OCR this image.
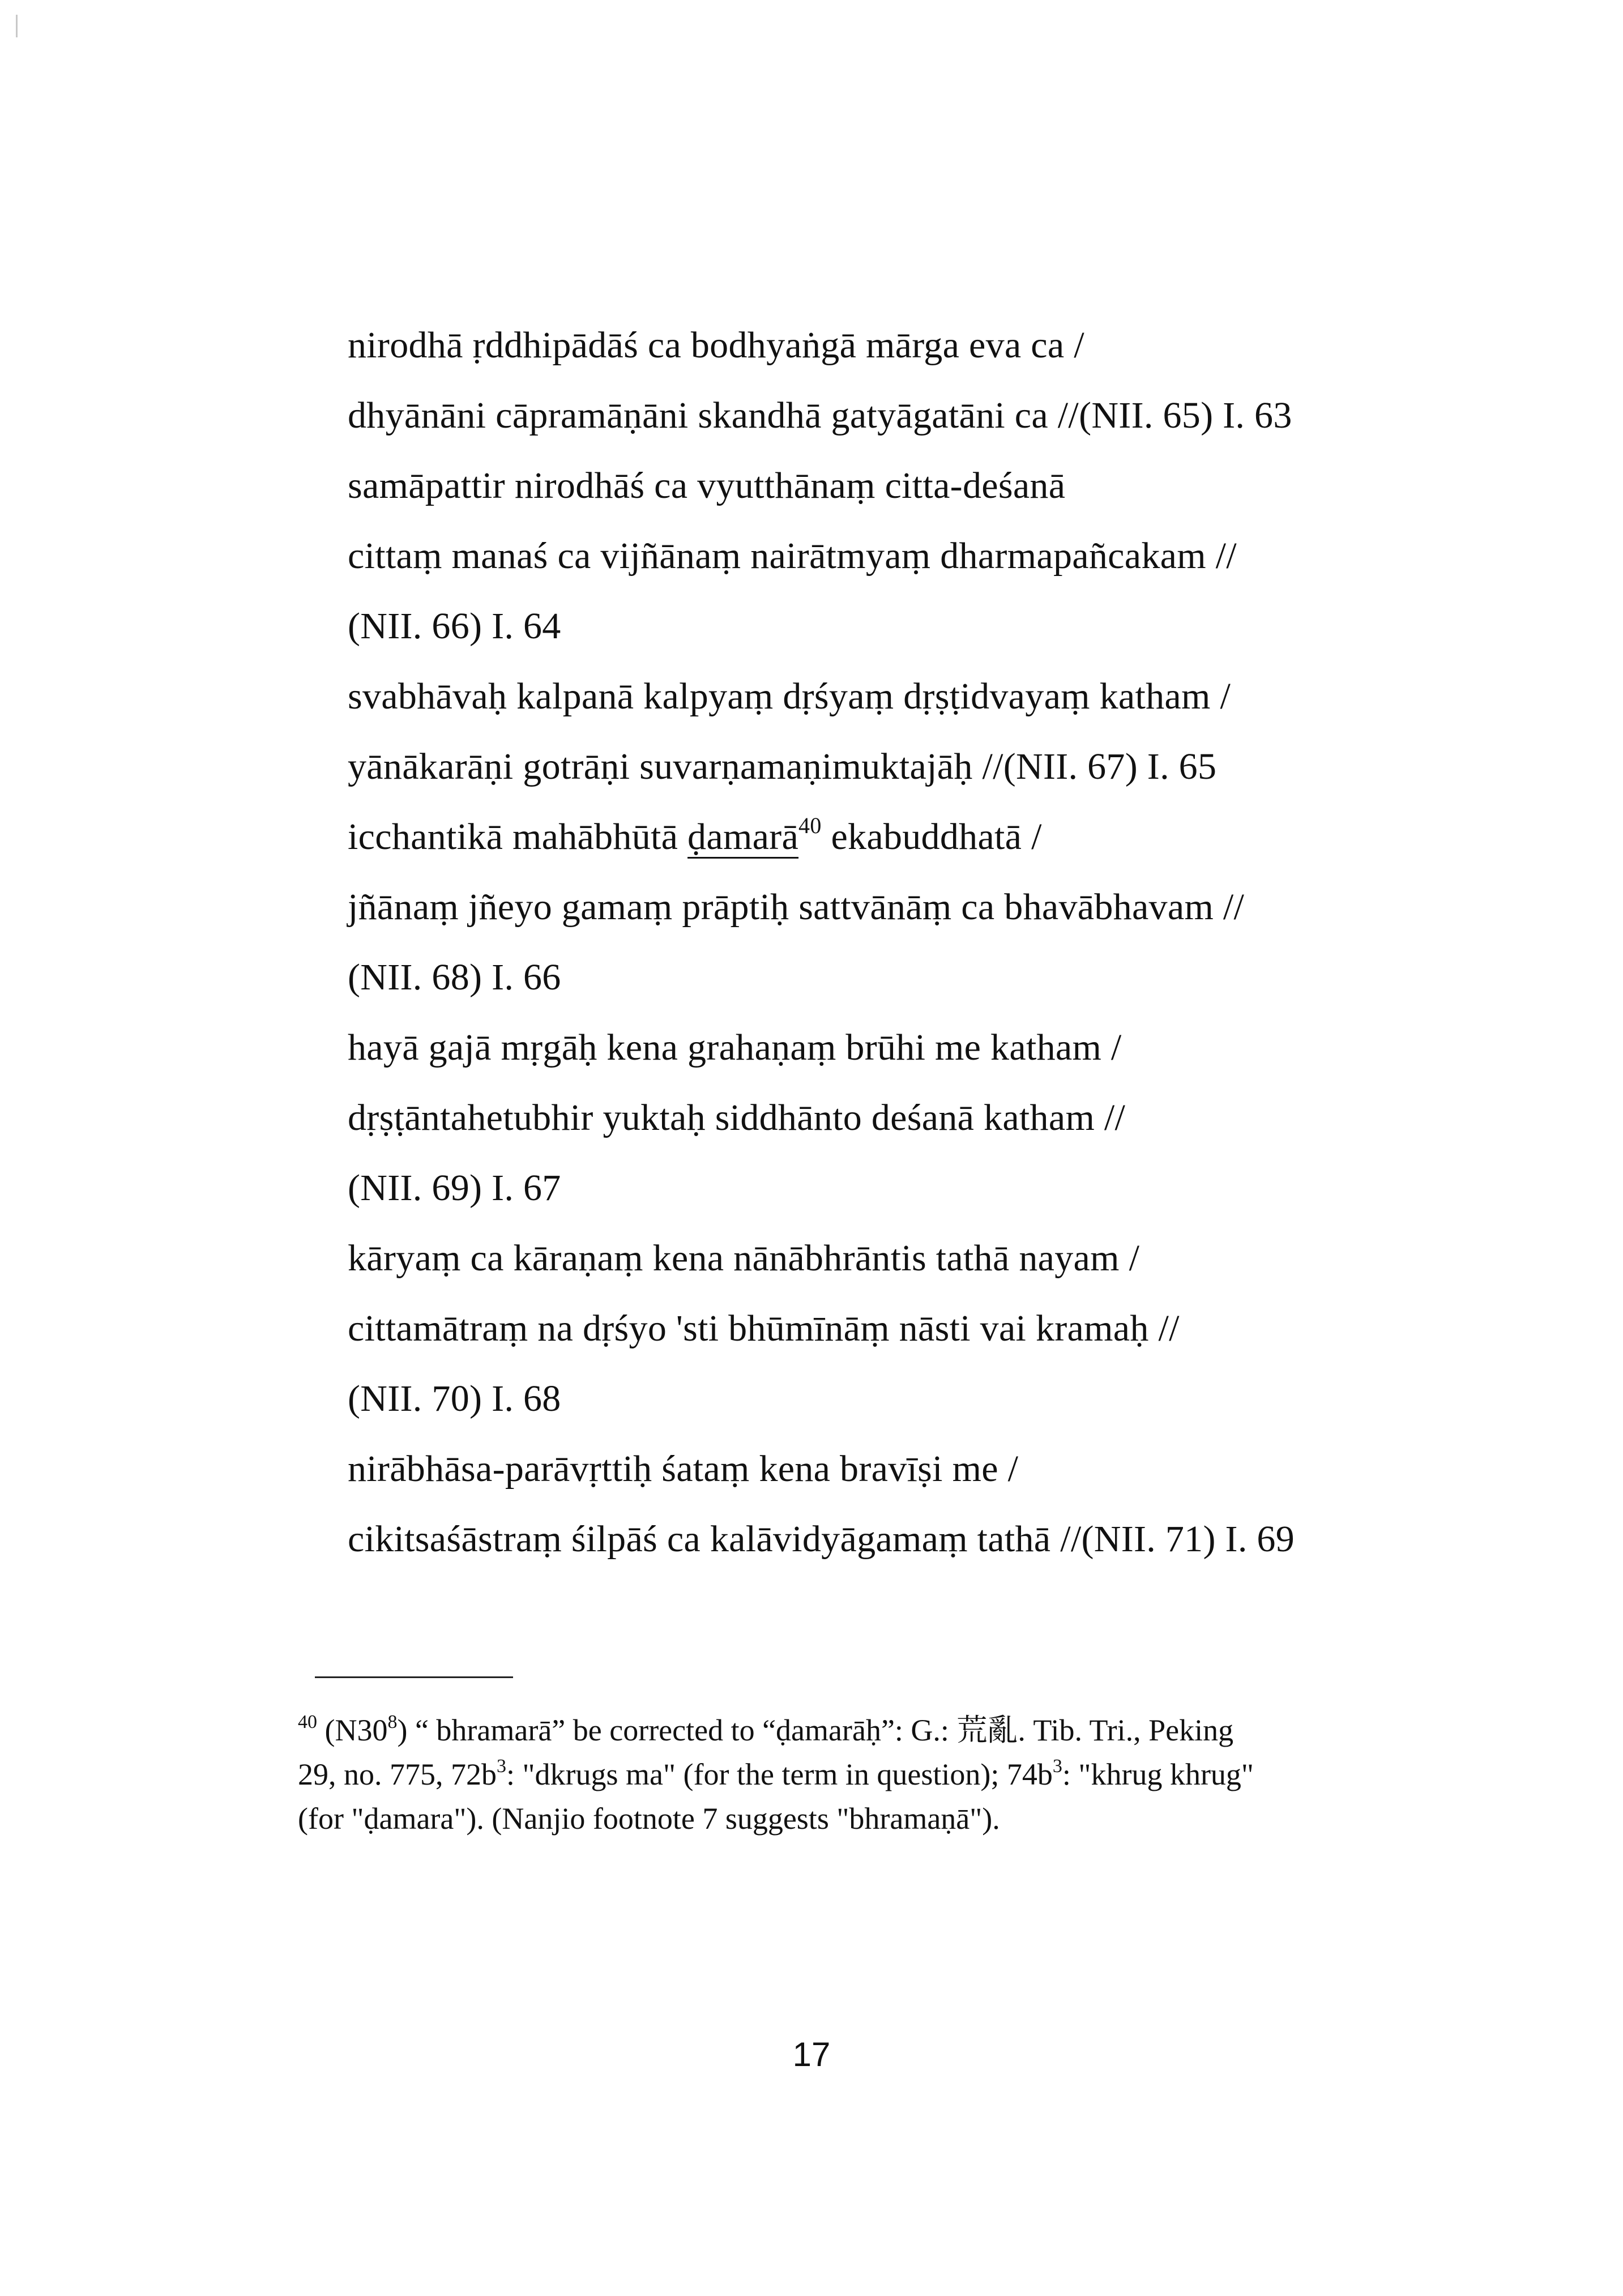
nirodhā ṛddhipādāś ca bodhyaṅgā mārga eva ca /
dhyānāni cāpramāṇāni skandhā gatyāgatāni ca //(NII. 65) I. 63
samāpattir nirodhāś ca vyutthānaṃ citta-deśanā
cittaṃ manaś ca vijñānaṃ nairātmyaṃ dharmapañcakam //
(NII. 66) I. 64
svabhāvaḥ kalpanā kalpyaṃ dṛśyaṃ dṛṣṭidvayaṃ katham /
yānākarāṇi gotrāṇi suvarṇamaṇimuktajāḥ //(NII. 67) I. 65
icchantikā mahābhūtā ḍamarā$^{40}$ ekabuddhatā /
jñānaṃ jñeyo gamaṃ prāptiḥ sattvānāṃ ca bhavābhavam //
(NII. 68) I. 66
hayā gajā mṛgāḥ kena grahaṇaṃ brūhi me katham /
dṛṣṭāntahetubhir yuktaḥ siddhānto deśanā katham //
(NII. 69) I. 67
kāryaṃ ca kāraṇaṃ kena nānābhrāntis tathā nayam /
cittamātraṃ na dṛśyo 'sti bhūmīnāṃ nāsti vai kramaḥ //
(NII. 70) I. 68
nirābhāsa-parāvṛttiḥ śataṃ kena bravīṣi me /
cikitsaśāstraṃ śilpāś ca kalāvidyāgamaṃ tathā //(NII. 71) I. 69
$^{40}$ (N30$^8$) “ bhramarā” be corrected to “ḍamarāḥ”: G.: 荒亂. Tib. Tri., Peking
29, no. 775, 72b$^3$: "dkrugs ma" (for the term in question); 74b$^3$: "khrug khrug"
(for "ḍamara"). (Nanjio footnote 7 suggests "bhramaṇā").
17
